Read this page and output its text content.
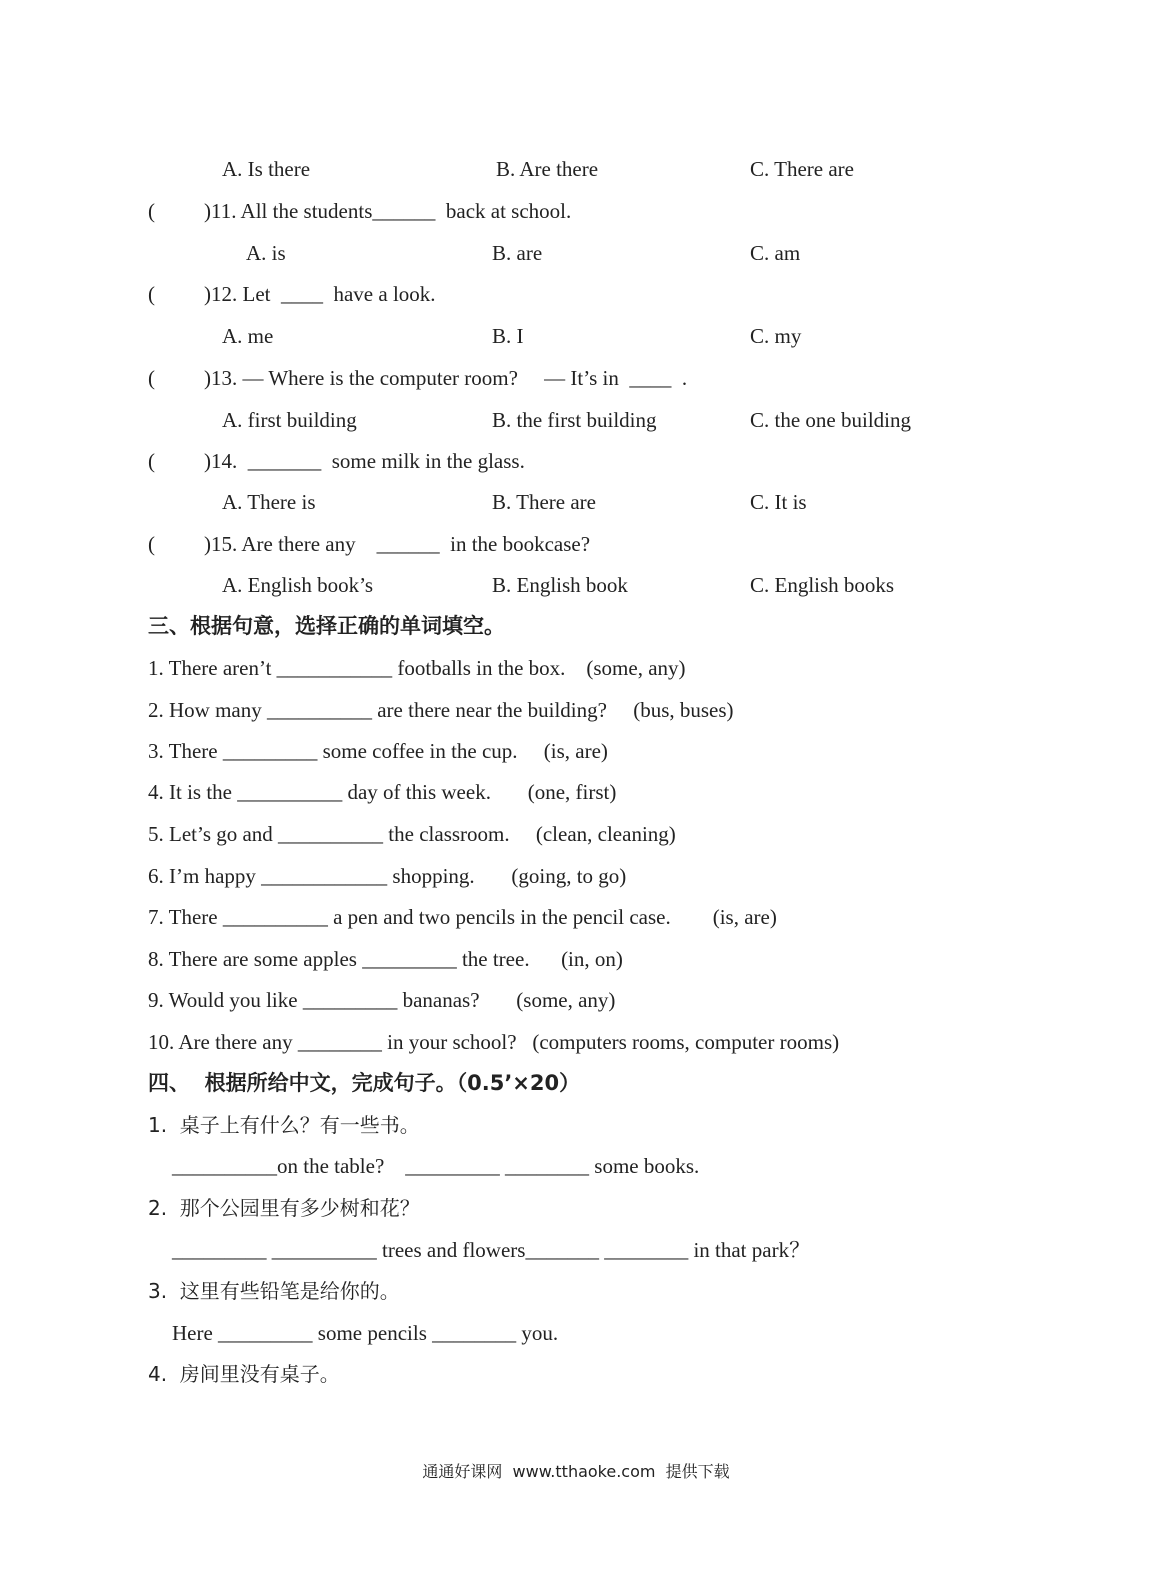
A. Is there	B. Are there	C. There are
( )11. All the students______  back at school.
A. is	B. are	C. am
( )12. Let  ____  have a look.
A. me	B. I	C. my
( )13. — Where is the computer room?     — It’s in  ____  .
A. first building	B. the first building	C. the one building
( )14.  _______  some milk in the glass.
A. There is	B. There are	C. It is
( )15. Are there any    ______  in the bookcase?
A. English book’s	B. English book	C. English books
三、根据句意，选择正确的单词填空。
1. There aren’t ___________ footballs in the box.    (some, any)
2. How many __________ are there near the building?     (bus, buses)
3. There _________ some coffee in the cup.     (is, are)
4. It is the __________ day of this week.       (one, first)
5. Let’s go and __________ the classroom.     (clean, cleaning)
6. I’m happy ____________ shopping.       (going, to go)
7. There __________ a pen and two pencils in the pencil case.        (is, are)
8. There are some apples _________ the tree.      (in, on)
9. Would you like _________ bananas?       (some, any)
10. Are there any ________ in your school?   (computers rooms, computer rooms)
四、  根据所给中文，完成句子。（0.5’×20）
1.  桌子上有什么？有一些书。
__________on the table?    _________ ________ some books.
2.  那个公园里有多少树和花？
_________ __________ trees and flowers_______ ________ in that park？
3.  这里有些铅笔是给你的。
Here _________ some pencils ________ you.
4.  房间里没有桌子。
通通好课网  www.tthaoke.com  提供下载
